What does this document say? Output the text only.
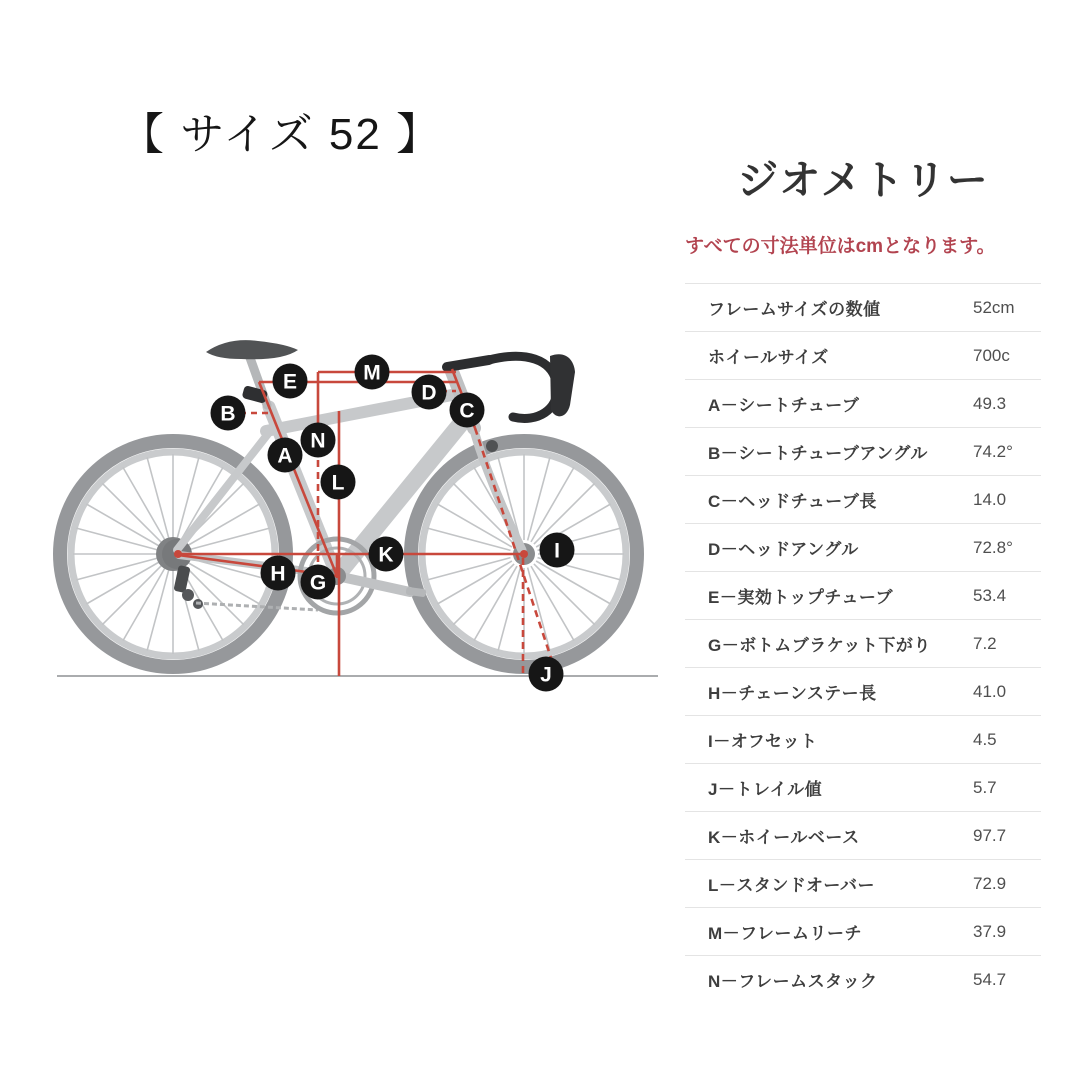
【 サイズ 52 】
E	M
D
C
B
N
A
L
H G
K	I
J
ジオメトリー
すべての寸法単位はcmとなります。
フレームサイズの数値	52cm
ホイールサイズ	700c
A－シートチューブ	49.3
B－シートチューブアングル	74.2°
C－ヘッドチューブ長	14.0
D－ヘッドアングル	72.8°
E－実効トップチューブ	53.4
G－ボトムブラケット下がり	7.2
H－チェーンステー長	41.0
I－オフセット	4.5
J－トレイル値	5.7
K－ホイールベース	97.7
L－スタンドオーバー	72.9
M－フレームリーチ	37.9
N－フレームスタック	54.7
